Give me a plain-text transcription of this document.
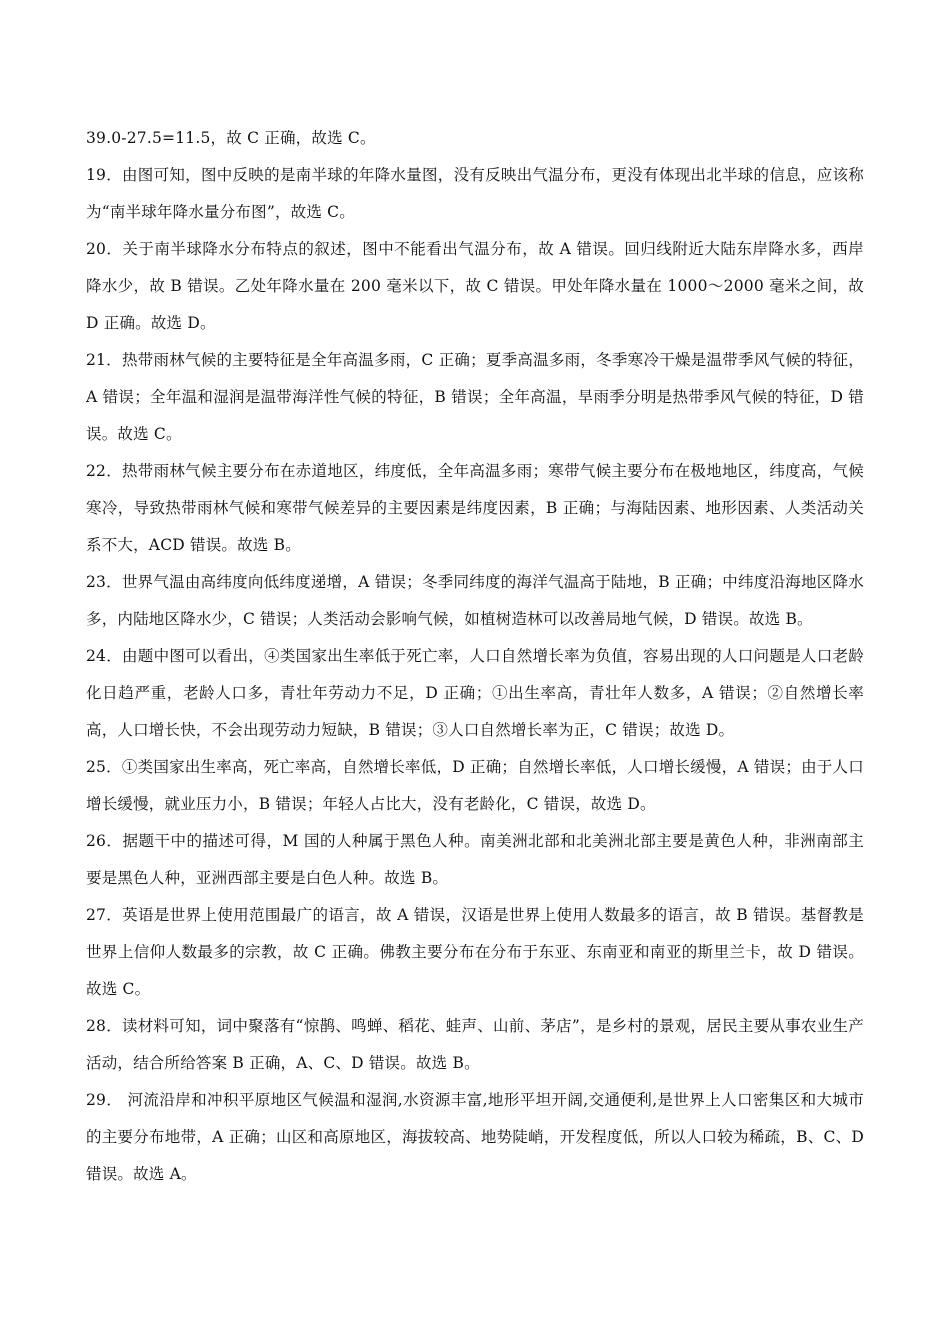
39.0-27.5=11.5，故 C 正确，故选 C。

19．由图可知，图中反映的是南半球的年降水量图，没有反映出气温分布，更没有体现出北半球的信息，应该称为“南半球年降水量分布图”，故选 C。

20．关于南半球降水分布特点的叙述，图中不能看出气温分布，故 A 错误。回归线附近大陆东岸降水多，西岸降水少，故 B 错误。乙处年降水量在 200 毫米以下，故 C 错误。甲处年降水量在 1000～2000 毫米之间，故 D 正确。故选 D。

21．热带雨林气候的主要特征是全年高温多雨，C 正确；夏季高温多雨，冬季寒冷干燥是温带季风气候的特征，A 错误；全年温和湿润是温带海洋性气候的特征，B 错误；全年高温，旱雨季分明是热带季风气候的特征，D 错误。故选 C。

22．热带雨林气候主要分布在赤道地区，纬度低，全年高温多雨；寒带气候主要分布在极地地区，纬度高，气候寒冷，导致热带雨林气候和寒带气候差异的主要因素是纬度因素，B 正确；与海陆因素、地形因素、人类活动关系不大，ACD 错误。故选 B。

23．世界气温由高纬度向低纬度递增，A 错误；冬季同纬度的海洋气温高于陆地，B 正确；中纬度沿海地区降水多，内陆地区降水少，C 错误；人类活动会影响气候，如植树造林可以改善局地气候，D 错误。故选 B。

24．由题中图可以看出，④类国家出生率低于死亡率，人口自然增长率为负值，容易出现的人口问题是人口老龄化日趋严重，老龄人口多，青壮年劳动力不足，D 正确；①出生率高，青壮年人数多，A 错误；②自然增长率高，人口增长快，不会出现劳动力短缺，B 错误；③人口自然增长率为正，C 错误；故选 D。

25．①类国家出生率高，死亡率高，自然增长率低，D 正确；自然增长率低，人口增长缓慢，A 错误；由于人口增长缓慢，就业压力小，B 错误；年轻人占比大，没有老龄化，C 错误，故选 D。

26．据题干中的描述可得，M 国的人种属于黑色人种。南美洲北部和北美洲北部主要是黄色人种，非洲南部主要是黑色人种，亚洲西部主要是白色人种。故选 B。

27．英语是世界上使用范围最广的语言，故 A 错误，汉语是世界上使用人数最多的语言，故 B 错误。基督教是世界上信仰人数最多的宗教，故 C 正确。佛教主要分布在分布于东亚、东南亚和南亚的斯里兰卡，故 D 错误。故选 C。

28．读材料可知，词中聚落有“惊鹊、鸣蝉、稻花、蛙声、山前、茅店”，是乡村的景观，居民主要从事农业生产活动，结合所给答案 B 正确，A、C、D 错误。故选 B。

29． 河流沿岸和冲积平原地区气候温和湿润,水资源丰富,地形平坦开阔,交通便利,是世界上人口密集区和大城市的主要分布地带，A 正确；山区和高原地区，海拔较高、地势陡峭，开发程度低，所以人口较为稀疏，B、C、D 错误。故选 A。
